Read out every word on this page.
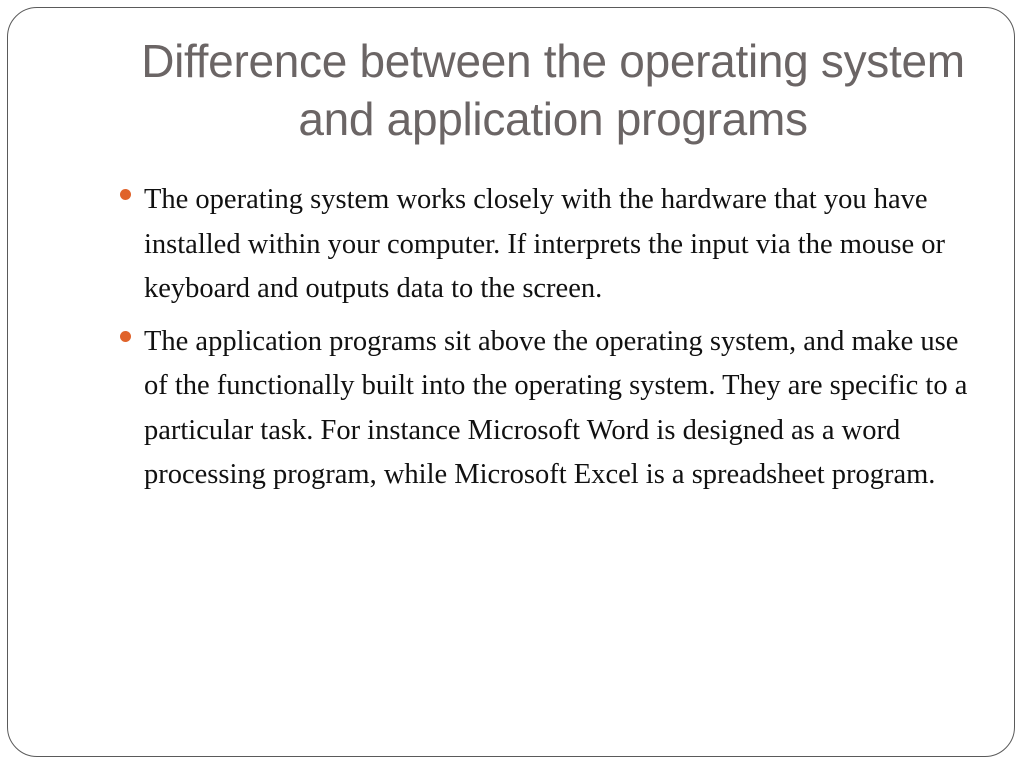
Difference between the operating system and application programs
The operating system works closely with the hardware that you have installed within your computer. If interprets the input via the mouse or keyboard and outputs data to the screen.
The application programs sit above the operating system, and make use of the functionally built into the operating system. They are specific to a particular task. For instance Microsoft Word is designed as a word processing program, while Microsoft Excel is a spreadsheet program.
